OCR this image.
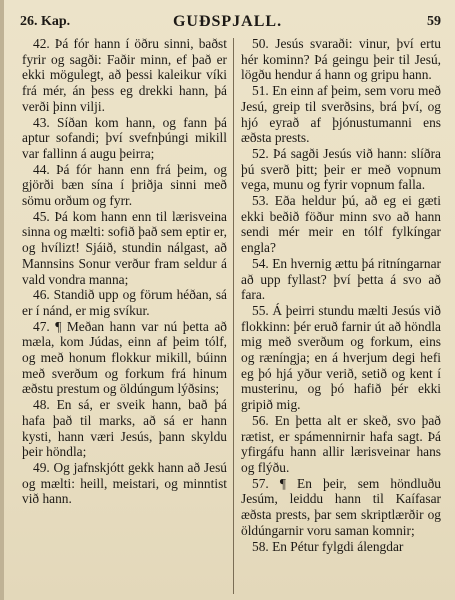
26. Kap.	GUÐSPJALL.	59

42. Þá fór hann í öðru sinni, baðst fyrir og sagði: Faðir minn, ef það er ekki mögulegt, að þessi kaleikur víki frá mér, án þess eg drekki hann, þá verði þinn vilji.

43. Síðan kom hann, og fann þá aptur sofandi; því svefnþúngi mikill var fallinn á augu þeirra;

44. Þá fór hann enn frá þeim, og gjörði bæn sína í þriðja sinni með sömu orðum og fyrr.

45. Þá kom hann enn til lærisveina sinna og mælti: sofið það sem eptir er, og hvílizt! Sjáið, stundin nálgast, að Mannsins Sonur verður fram seldur á vald vondra manna;

46. Standið upp og förum héðan, sá er í nánd, er mig svíkur.

47. ¶ Meðan hann var nú þetta að mæla, kom Júdas, einn af þeim tólf, og með honum flokkur mikill, búinn með sverðum og forkum frá hinum æðstu prestum og öldúngum lýðsins;

48. En sá, er sveik hann, bað þá hafa það til marks, að sá er hann kysti, hann væri Jesús, þann skyldu þeir höndla;

49. Og jafnskjótt gekk hann að Jesú og mælti: heill, meistari, og minntist við hann.

50. Jesús svaraði: vinur, því ertu hér kominn? Þá geingu þeir til Jesú, lögðu hendur á hann og gripu hann.

51. En einn af þeim, sem voru með Jesú, greip til sverðsins, brá því, og hjó eyrað af þjónustumanni ens æðsta prests.

52. Þá sagði Jesús við hann: slíðra þú sverð þitt; þeir er með vopnum vega, munu og fyrir vopnum falla.

53. Eða heldur þú, að eg ei gæti ekki beðið föður minn svo að hann sendi mér meir en tólf fylkíngar engla?

54. En hvernig ættu þá ritníngarnar að upp fyllast? því þetta á svo að fara.

55. Á þeirri stundu mælti Jesús við flokkinn: þér eruð farnir út að höndla mig með sverðum og forkum, eins og ræníngja; en á hverjum degi hefi eg þó hjá yður verið, setið og kent í musterinu, og þó hafið þér ekki gripið mig.

56. En þetta alt er skeð, svo það rætist, er spámennirnir hafa sagt. Þá yfirgáfu hann allir lærisveinar hans og flýðu.

57. ¶ En þeir, sem höndluðu Jesúm, leiddu hann til Kaífasar æðsta prests, þar sem skriptlærðir og öldúngarnir voru saman komnir;

58. En Pétur fylgdi álengdar
